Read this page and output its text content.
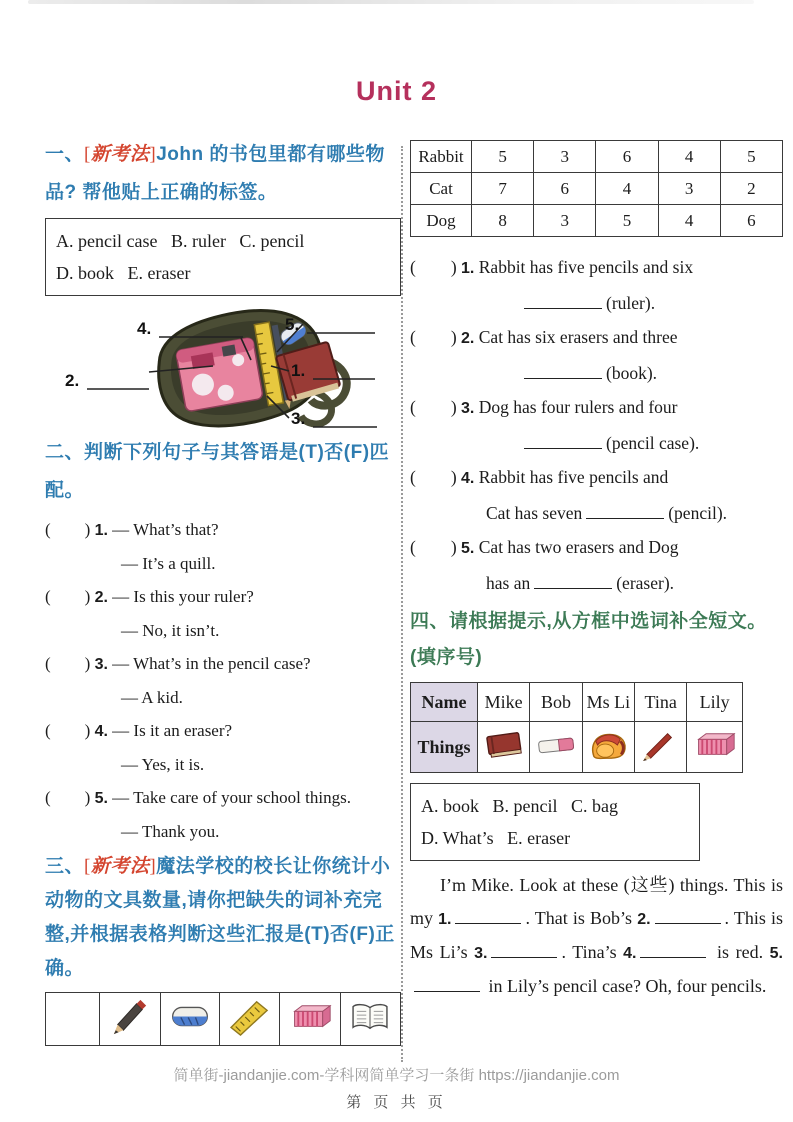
Unit 2
一、[新考法]John 的书包里都有哪些物品? 帮他贴上正确的标签。
A. pencil case   B. ruler   C. pencil
D. book   E. eraser
4.	5.
2.
1.
3.
二、判断下列句子与其答语是(T)否(F)匹配。
(  ) 1. — What’s that?
— It’s a quill.
(  ) 2. — Is this your ruler?
— No, it isn’t.
(  ) 3. — What’s in the pencil case?
— A kid.
(  ) 4. — Is it an eraser?
— Yes, it is.
(  ) 5. — Take care of your school things.
— Thank you.
三、[新考法]魔法学校的校长让你统计小动物的文具数量,请你把缺失的词补充完整,并根据表格判断这些汇报是(T)否(F)正确。

Rabbit	5	3	6	4	5
Cat	7	6	4	3	2
Dog	8	3	5	4	6
(  ) 1. Rabbit has five pencils and six
(ruler).
(  ) 2. Cat has six erasers and three
(book).
(  ) 3. Dog has four rulers and four
(pencil case).
(  ) 4. Rabbit has five pencils and
Cat has seven	(pencil).
(  ) 5. Cat has two erasers and Dog
has an	(eraser).
四、请根据提示,从方框中选词补全短文。(填序号)
Name	Mike	Bob	Ms Li	Tina	Lily
Things					
A. book   B. pencil   C. bag
D. What’s   E. eraser
I’m Mike. Look at these (这些) things. This is my 1.	. That is Bob’s 2.	. This is Ms Li’s 3.	. Tina’s 4.	is red. 5. in Lily’s pencil case? Oh, four pencils.
简单街-jiandanjie.com-学科网简单学习一条街 https://jiandanjie.com
第 页 共 页
